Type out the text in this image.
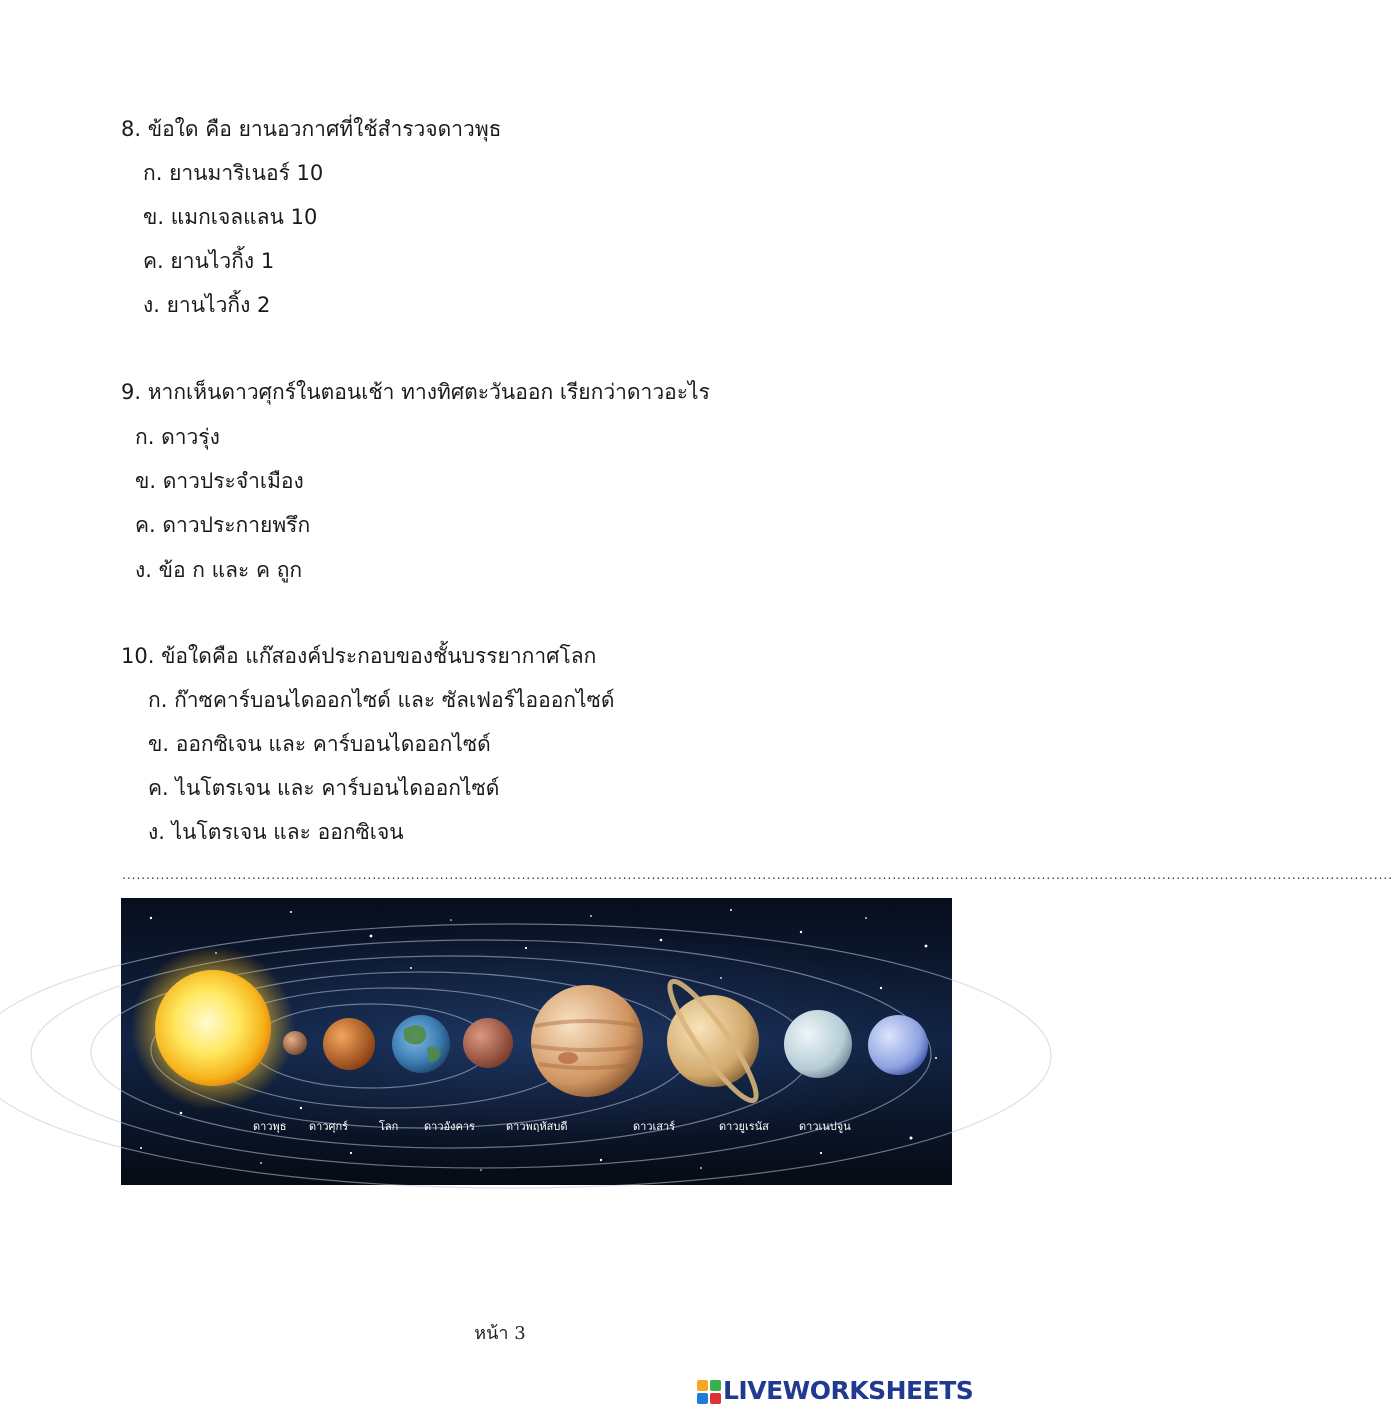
8. ข้อใด คือ ยานอวกาศที่ใช้สำรวจดาวพุธ
ก. ยานมาริเนอร์ 10
ข. แมกเจลแลน 10
ค. ยานไวกิ้ง 1
ง. ยานไวกิ้ง 2
9. หากเห็นดาวศุกร์ในตอนเช้า ทางทิศตะวันออก เรียกว่าดาวอะไร
ก. ดาวรุ่ง
ข. ดาวประจำเมือง
ค. ดาวประกายพรึก
ง. ข้อ ก และ ค ถูก
10. ข้อใดคือ แก๊สองค์ประกอบของชั้นบรรยากาศโลก
ก. ก๊าซคาร์บอนไดออกไซด์ และ ซัลเฟอร์ไอออกไซด์
ข. ออกซิเจน และ คาร์บอนไดออกไซด์
ค. ไนโตรเจน และ คาร์บอนไดออกไซด์
ง. ไนโตรเจน และ ออกซิเจน
........................................................................................................................................................................................................................................................................
ดาวพุธ ดาวศุกร์	โลก ดาวอังคาร	ดาวพฤหัสบดี	ดาวเสาร์	ดาวยูเรนัส	ดาวเนปจูน
หน้า 3
LIVEWORKSHEETS
